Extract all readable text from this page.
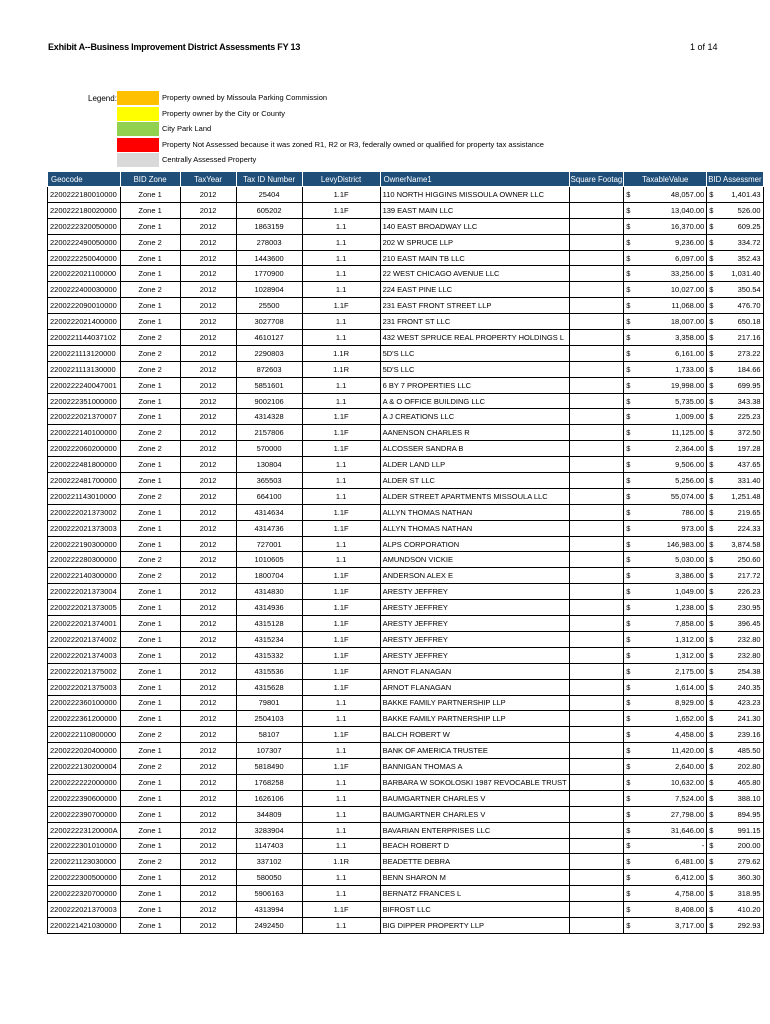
Exhibit A--Business Improvement District Assessments FY 13	1 of 14
Legend:	Property owned by Missoula Parking Commission
Property owner by the City or County
City Park Land
Property Not Assessed because it was zoned R1, R2 or R3, federally owned or qualified for property tax assistance
Centrally Assessed Property
Geocode	BID Zone	TaxYear	Tax ID Number	LevyDistrict	OwnerName1	Square Footag	TaxableValue		BID Assessmer	
2200222180010000	Zone 1	2012	25404	1.1F	110 NORTH HIGGINS MISSOULA OWNER LLC		$	48,057.00	$	1,401.43
2200222180020000	Zone 1	2012	605202	1.1F	139 EAST MAIN LLC		$	13,040.00	$	526.00
2200222320050000	Zone 1	2012	1863159	1.1	140 EAST BROADWAY LLC		$	16,370.00	$	609.25
2200222490050000	Zone 2	2012	278003	1.1	202 W SPRUCE LLP		$	9,236.00	$	334.72
2200222250040000	Zone 1	2012	1443600	1.1	210 EAST MAIN TB LLC		$	6,097.00	$	352.43
2200222021100000	Zone 1	2012	1770900	1.1	22 WEST CHICAGO AVENUE LLC		$	33,256.00	$	1,031.40
2200222400030000	Zone 2	2012	1028904	1.1	224 EAST PINE LLC		$	10,027.00	$	350.54
2200222090010000	Zone 1	2012	25500	1.1F	231 EAST FRONT STREET LLP		$	11,068.00	$	476.70
2200222021400000	Zone 1	2012	3027708	1.1	231 FRONT ST LLC		$	18,007.00	$	650.18
2200221144037102	Zone 2	2012	4610127	1.1	432 WEST SPRUCE REAL PROPERTY HOLDINGS L		$	3,358.00	$	217.16
2200221113120000	Zone 2	2012	2290803	1.1R	5D'S LLC		$	6,161.00	$	273.22
2200221113130000	Zone 2	2012	872603	1.1R	5D'S LLC		$	1,733.00	$	184.66
2200222240047001	Zone 1	2012	5851601	1.1	6 BY 7 PROPERTIES LLC		$	19,998.00	$	699.95
2200222351000000	Zone 1	2012	9002106	1.1	A & O OFFICE BUILDING LLC		$	5,735.00	$	343.38
2200222021370007	Zone 1	2012	4314328	1.1F	A J CREATIONS LLC		$	1,009.00	$	225.23
2200222140100000	Zone 2	2012	2157806	1.1F	AANENSON CHARLES R		$	11,125.00	$	372.50
2200222060200000	Zone 2	2012	570000	1.1F	ALCOSSER SANDRA B		$	2,364.00	$	197.28
2200222481800000	Zone 1	2012	130804	1.1	ALDER LAND LLP		$	9,506.00	$	437.65
2200222481700000	Zone 1	2012	365503	1.1	ALDER ST LLC		$	5,256.00	$	331.40
2200221143010000	Zone 2	2012	664100	1.1	ALDER STREET APARTMENTS MISSOULA LLC		$	55,074.00	$	1,251.48
2200222021373002	Zone 1	2012	4314634	1.1F	ALLYN THOMAS NATHAN		$	786.00	$	219.65
2200222021373003	Zone 1	2012	4314736	1.1F	ALLYN THOMAS NATHAN		$	973.00	$	224.33
2200222190300000	Zone 1	2012	727001	1.1	ALPS CORPORATION		$	146,983.00	$	3,874.58
2200222280300000	Zone 2	2012	1010605	1.1	AMUNDSON VICKIE		$	5,030.00	$	250.60
2200222140300000	Zone 2	2012	1800704	1.1F	ANDERSON ALEX E		$	3,386.00	$	217.72
2200222021373004	Zone 1	2012	4314830	1.1F	ARESTY JEFFREY		$	1,049.00	$	226.23
2200222021373005	Zone 1	2012	4314936	1.1F	ARESTY JEFFREY		$	1,238.00	$	230.95
2200222021374001	Zone 1	2012	4315128	1.1F	ARESTY JEFFREY		$	7,858.00	$	396.45
2200222021374002	Zone 1	2012	4315234	1.1F	ARESTY JEFFREY		$	1,312.00	$	232.80
2200222021374003	Zone 1	2012	4315332	1.1F	ARESTY JEFFREY		$	1,312.00	$	232.80
2200222021375002	Zone 1	2012	4315536	1.1F	ARNOT FLANAGAN		$	2,175.00	$	254.38
2200222021375003	Zone 1	2012	4315628	1.1F	ARNOT FLANAGAN		$	1,614.00	$	240.35
2200222360100000	Zone 1	2012	79801	1.1	BAKKE FAMILY PARTNERSHIP LLP		$	8,929.00	$	423.23
2200222361200000	Zone 1	2012	2504103	1.1	BAKKE FAMILY PARTNERSHIP LLP		$	1,652.00	$	241.30
2200222110800000	Zone 2	2012	58107	1.1F	BALCH ROBERT W		$	4,458.00	$	239.16
2200222020400000	Zone 1	2012	107307	1.1	BANK OF AMERICA TRUSTEE		$	11,420.00	$	485.50
2200222130200004	Zone 2	2012	5818490	1.1F	BANNIGAN THOMAS A		$	2,640.00	$	202.80
2200222222000000	Zone 1	2012	1768258	1.1	BARBARA W SOKOLOSKI 1987 REVOCABLE TRUST		$	10,632.00	$	465.80
2200222390600000	Zone 1	2012	1626106	1.1	BAUMGARTNER CHARLES V		$	7,524.00	$	388.10
2200222390700000	Zone 1	2012	344809	1.1	BAUMGARTNER CHARLES V		$	27,798.00	$	894.95
220022223120000A	Zone 1	2012	3283904	1.1	BAVARIAN ENTERPRISES LLC		$	31,646.00	$	991.15
2200222301010000	Zone 1	2012	1147403	1.1	BEACH ROBERT D		$	-	$	200.00
2200221123030000	Zone 2	2012	337102	1.1R	BEADETTE DEBRA		$	6,481.00	$	279.62
2200222300500000	Zone 1	2012	580050	1.1	BENN SHARON M		$	6,412.00	$	360.30
2200222320700000	Zone 1	2012	5906163	1.1	BERNATZ FRANCES L		$	4,758.00	$	318.95
2200222021370003	Zone 1	2012	4313994	1.1F	BIFROST LLC		$	8,408.00	$	410.20
2200221421030000	Zone 1	2012	2492450	1.1	BIG DIPPER PROPERTY LLP		$	3,717.00	$	292.93
